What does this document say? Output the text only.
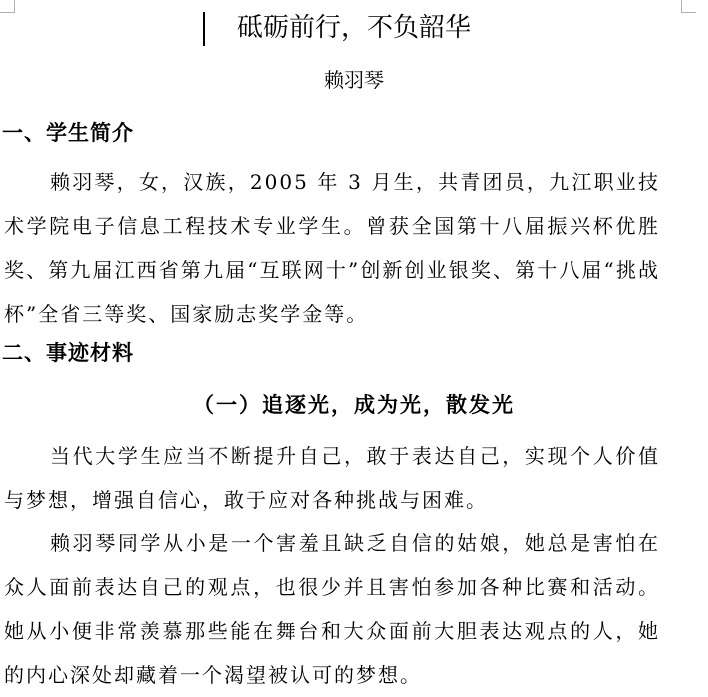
砥砺前行，不负韶华
赖羽琴
一、学生简介

赖羽琴，女，汉族，2005 年 3 月生，共青团员，九江职业技术学院电子信息工程技术专业学生。曾获全国第十八届振兴杯优胜奖、第九届江西省第九届“互联网十”创新创业银奖、第十八届“挑战杯”全省三等奖、国家励志奖学金等。

二、事迹材料
（一）追逐光，成为光，散发光

当代大学生应当不断提升自己，敢于表达自己，实现个人价值与梦想，增强自信心，敢于应对各种挑战与困难。

赖羽琴同学从小是一个害羞且缺乏自信的姑娘，她总是害怕在众人面前表达自己的观点，也很少并且害怕参加各种比赛和活动。她从小便非常羡慕那些能在舞台和大众面前大胆表达观点的人，她的内心深处却藏着一个渴望被认可的梦想。
